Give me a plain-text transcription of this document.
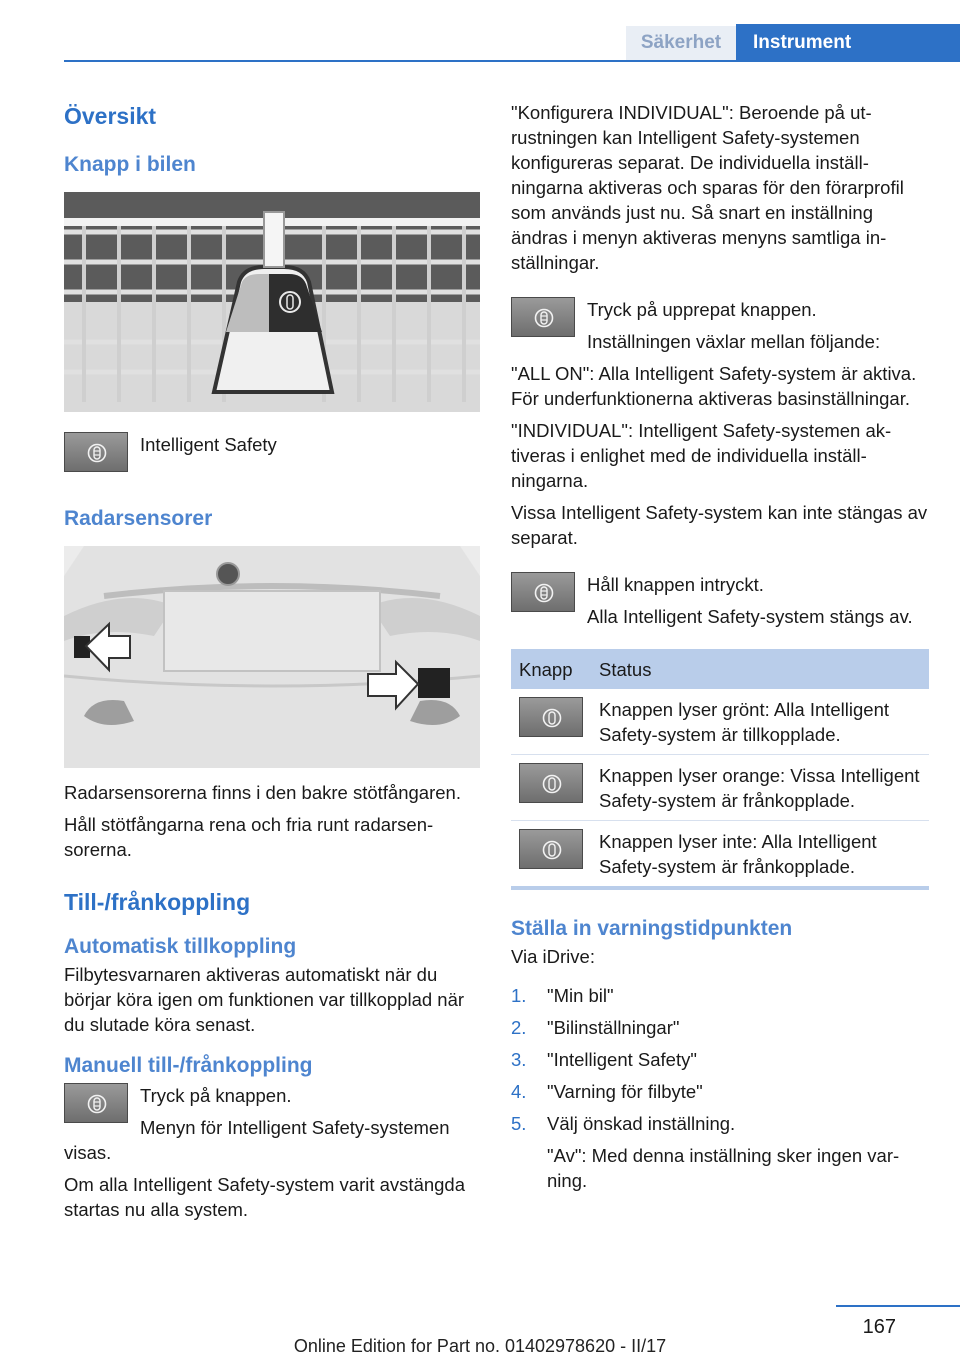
Säkerhet	Instrument
Översikt
Knapp i bilen

Intelligent Safety

Radarsensorer

Radarsensorerna finns i den bakre stötfångaren.

Håll stötfångarna rena och fria runt radarsensorerna.

Till-/frånkoppling
Automatisk tillkoppling

Filbytesvarnaren aktiveras automatiskt när du börjar köra igen om funktionen var tillkopplad när du slutade köra senast.

Manuell till-/frånkoppling

Tryck på knappen.

Menyn för Intelligent Safety-systemen visas.

Om alla Intelligent Safety-system varit avstängda startas nu alla system.

"Konfigurera INDIVIDUAL": Beroende på utrustningen kan Intelligent Safety-systemen konfigureras separat. De individuella inställningarna aktiveras och sparas för den förarprofil som används just nu. Så snart en inställning ändras i menyn aktiveras menyns samtliga inställningar.

Tryck på upprepat knappen.

Inställningen växlar mellan följande:

"ALL ON": Alla Intelligent Safety-system är aktiva. För underfunktionerna aktiveras basinställningar.

"INDIVIDUAL": Intelligent Safety-systemen aktiveras i enlighet med de individuella inställningarna.

Vissa Intelligent Safety-system kan inte stängas av separat.

Håll knappen intryckt.

Alla Intelligent Safety-system stängs av.

Knapp	Status

	Knappen lyser grönt: Alla Intelligent Safety-system är tillkopplade.

	Knappen lyser orange: Vissa Intelligent Safety-system är frånkopplade.

	Knappen lyser inte: Alla Intelligent Safety-system är frånkopplade.
Ställa in varningstidpunkten

Via iDrive:

1. "Min bil"
2. "Bilinställningar"
3. "Intelligent Safety"
4. "Varning för filbyte"
5. Välj önskad inställning.
"Av": Med denna inställning sker ingen varning.
167
Online Edition for Part no. 01402978620 - II/17
